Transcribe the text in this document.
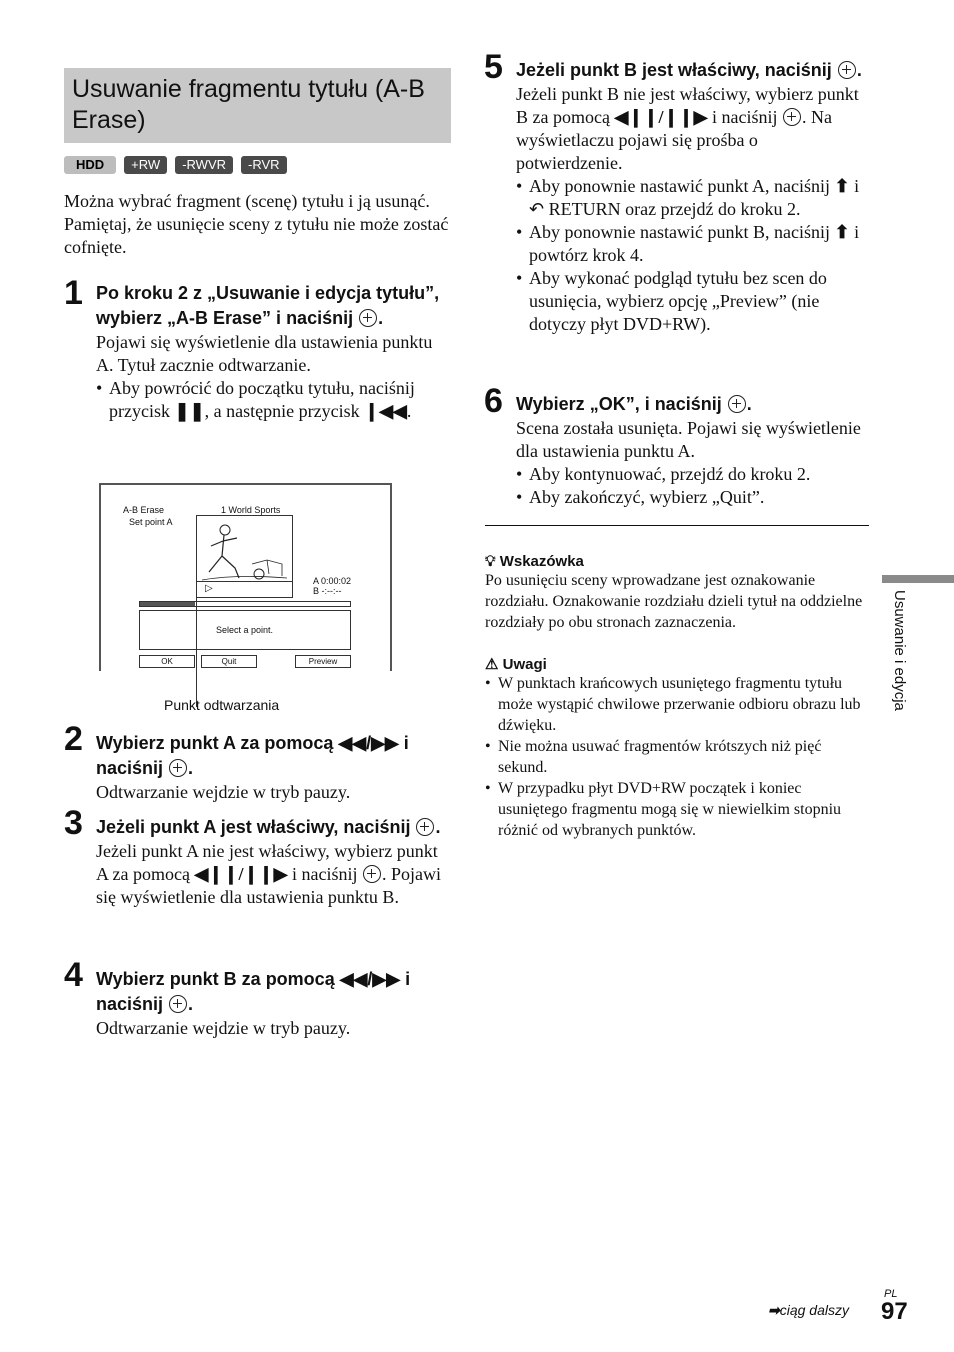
Usuwanie fragmentu tytułu (A-B Erase)
HDD	+RW	-RWVR	-RVR
Można wybrać fragment (scenę) tytułu i ją usunąć. Pamiętaj, że usunięcie sceny z tytułu nie może zostać cofnięte.
1 Po kroku 2 z „Usuwanie i edycja tytułu”, wybierz „A-B Erase” i naciśnij .
Pojawi się wyświetlenie dla ustawienia punktu A. Tytuł zacznie odtwarzanie.
• Aby powrócić do początku tytułu, naciśnij przycisk ❚❚, a następnie przycisk ❙◀◀.
A-B Erase
Set point A
1 World Sports
▷
A 0:00:02
B -:--:--
Select a point.
OK	Quit	Preview
Punkt odtwarzania
2 Wybierz punkt A za pomocą ◀◀/▶▶ i naciśnij .
Odtwarzanie wejdzie w tryb pauzy.
3 Jeżeli punkt A jest właściwy, naciśnij .
Jeżeli punkt A nie jest właściwy, wybierz punkt A za pomocą ◀❙❙/❙❙▶ i naciśnij . Pojawi się wyświetlenie dla ustawienia punktu B.
4 Wybierz punkt B za pomocą ◀◀/▶▶ i naciśnij .
Odtwarzanie wejdzie w tryb pauzy.
5 Jeżeli punkt B jest właściwy, naciśnij .
Jeżeli punkt B nie jest właściwy, wybierz punkt B za pomocą ◀❙❙/❙❙▶ i naciśnij . Na wyświetlaczu pojawi się prośba o potwierdzenie.
• Aby ponownie nastawić punkt A, naciśnij ⬆ i ↶ RETURN oraz przejdź do kroku 2.
• Aby ponownie nastawić punkt B, naciśnij ⬆ i powtórz krok 4.
• Aby wykonać podgląd tytułu bez scen do usunięcia, wybierz opcję „Preview” (nie dotyczy płyt DVD+RW).
6 Wybierz „OK”, i naciśnij .
Scena została usunięta. Pojawi się wyświetlenie dla ustawienia punktu A.
• Aby kontynuować, przejdź do kroku 2.
• Aby zakończyć, wybierz „Quit”.
💡︎ Wskazówka
Po usunięciu sceny wprowadzane jest oznakowanie rozdziału. Oznakowanie rozdziału dzieli tytuł na oddzielne rozdziały po obu stronach zaznaczenia.
⚠︎ Uwagi
• W punktach krańcowych usuniętego fragmentu tytułu może wystąpić chwilowe przerwanie odbioru obrazu lub dźwięku.
• Nie można usuwać fragmentów krótszych niż pięć sekund.
• W przypadku płyt DVD+RW początek i koniec usuniętego fragmentu mogą się w niewielkim stopniu różnić od wybranych punktów.
Usuwanie i edycja
➡ciąg dalszy
PL
97
